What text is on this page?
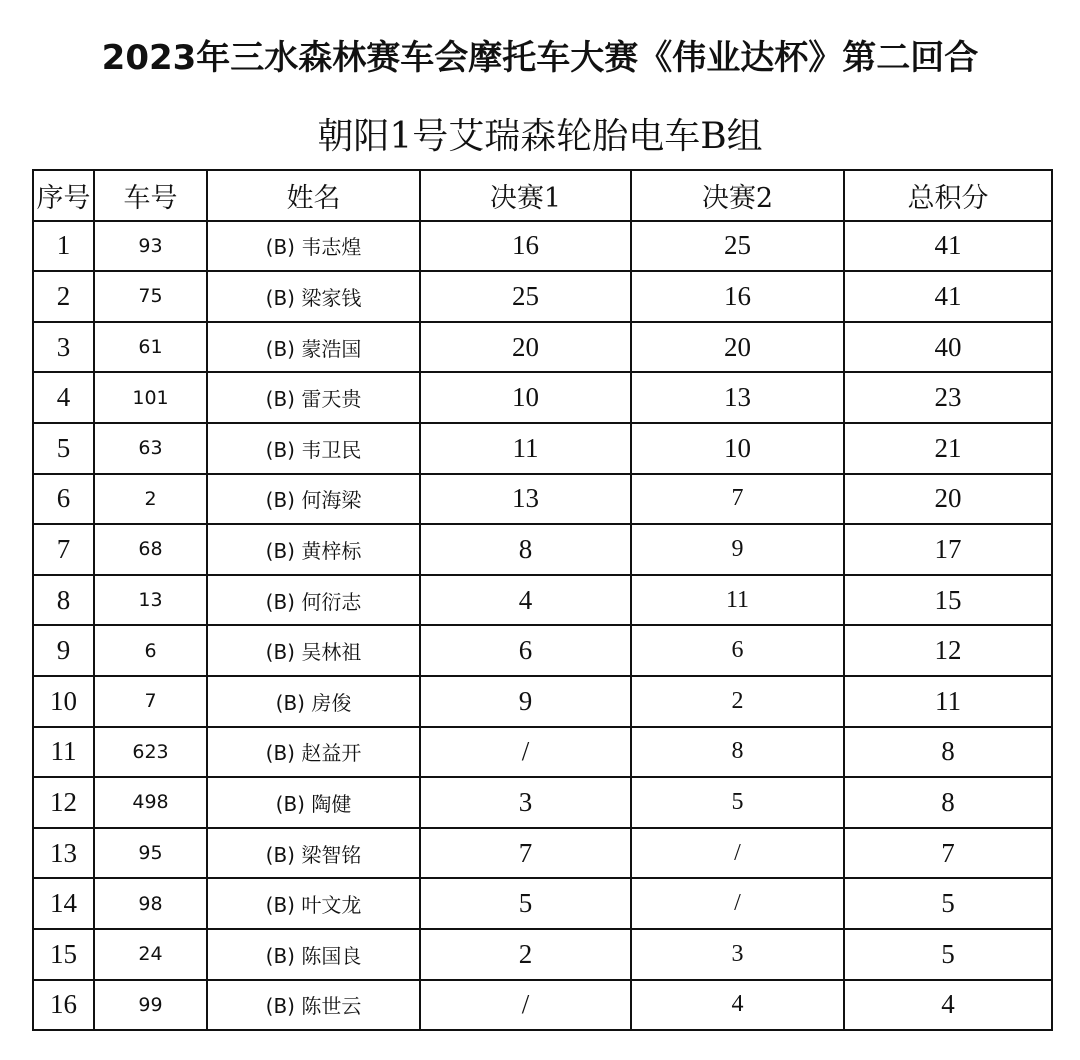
2023年三水森林赛车会摩托车大赛《伟业达杯》第二回合
朝阳1号艾瑞森轮胎电车B组
序号	车号	姓名	决赛1	决赛2	总积分
1	93	(B) 韦志煌	16	25	41
2	75	(B) 梁家钱	25	16	41
3	61	(B) 蒙浩国	20	20	40
4	101	(B) 雷天贵	10	13	23
5	63	(B) 韦卫民	11	10	21
6	2	(B) 何海梁	13	7	20
7	68	(B) 黄梓标	8	9	17
8	13	(B) 何衍志	4	11	15
9	6	(B) 吴林祖	6	6	12
10	7	(B) 房俊	9	2	11
11	623	(B) 赵益开	/	8	8
12	498	(B) 陶健	3	5	8
13	95	(B) 梁智铭	7	/	7
14	98	(B) 叶文龙	5	/	5
15	24	(B) 陈国良	2	3	5
16	99	(B) 陈世云	/	4	4
